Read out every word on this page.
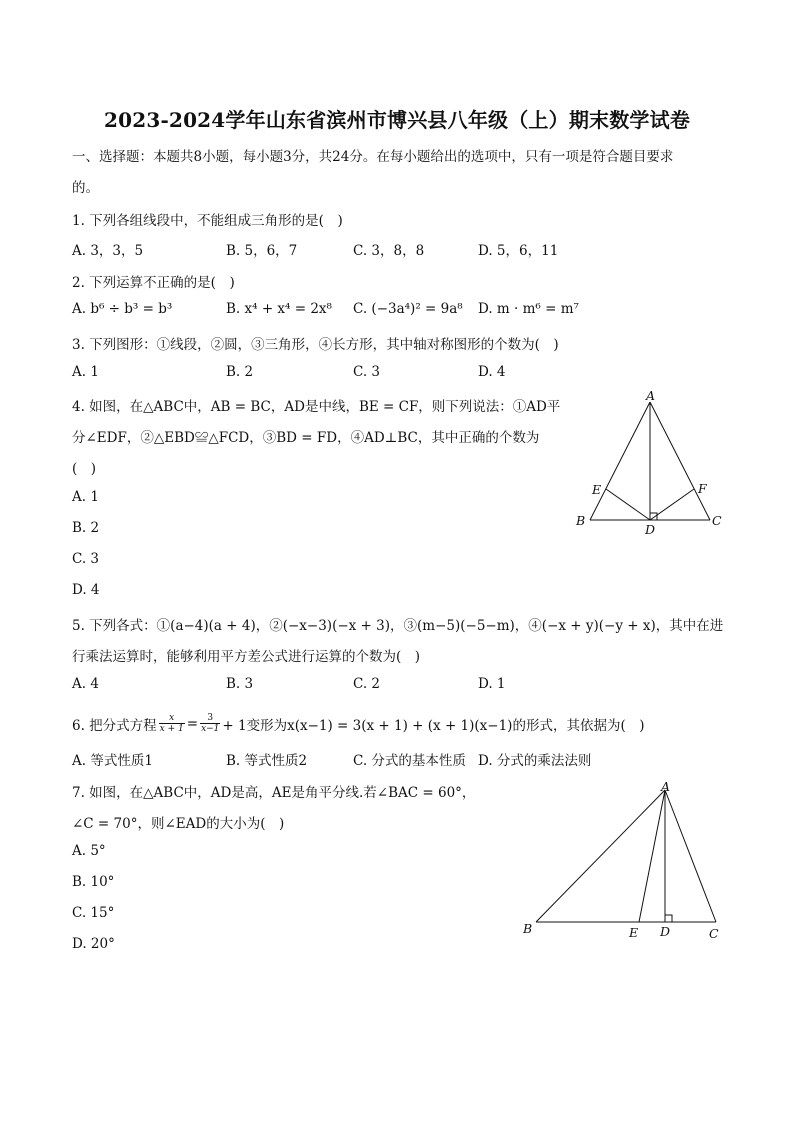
2023-2024学年山东省滨州市博兴县八年级（上）期末数学试卷
一、选择题：本题共8小题，每小题3分，共24分。在每小题给出的选项中，只有一项是符合题目要求
的。
1. 下列各组线段中，不能组成三角形的是(　)
A. 3，3，5	B. 5，6，7	C. 3，8，8	D. 5，6，11
2. 下列运算不正确的是(　)
A. b⁶ ÷ b³ = b³	B. x⁴ + x⁴ = 2x⁸ C. (−3a⁴)² = 9a⁸ D. m · m⁶ = m⁷
3. 下列图形：①线段，②圆，③三角形，④长方形，其中轴对称图形的个数为(　)
A. 1	B. 2	C. 3	D. 4
4. 如图，在△ABC中，AB = BC，AD是中线，BE = CF，则下列说法：①AD平
分∠EDF，②△EBD≌△FCD，③BD = FD，④AD⊥BC，其中正确的个数为
(　)
A. 1
B. 2
C. 3
D. 4
A
B	C
D
E	F
5. 下列各式：①(a−4)(a + 4)，②(−x−3)(−x + 3)，③(m−5)(−5−m)，④(−x + y)(−y + x)，其中在进
行乘法运算时，能够利用平方差公式进行运算的个数为(　)
A. 4	B. 3	C. 2	D. 1
6. 把分式方程 $\frac{x}{x + 1} = \frac{3}{x-1} + 1$变形为x(x−1) = 3(x + 1) + (x + 1)(x−1)的形式，其依据为(　)
A. 等式性质1	B. 等式性质2	C. 分式的基本性质 D. 分式的乘法法则
7. 如图，在△ABC中，AD是高，AE是角平分线.若∠BAC = 60°，
∠C = 70°，则∠EAD的大小为(　)
A. 5°
B. 10°
C. 15°
D. 20°
A
B	C
D
E
